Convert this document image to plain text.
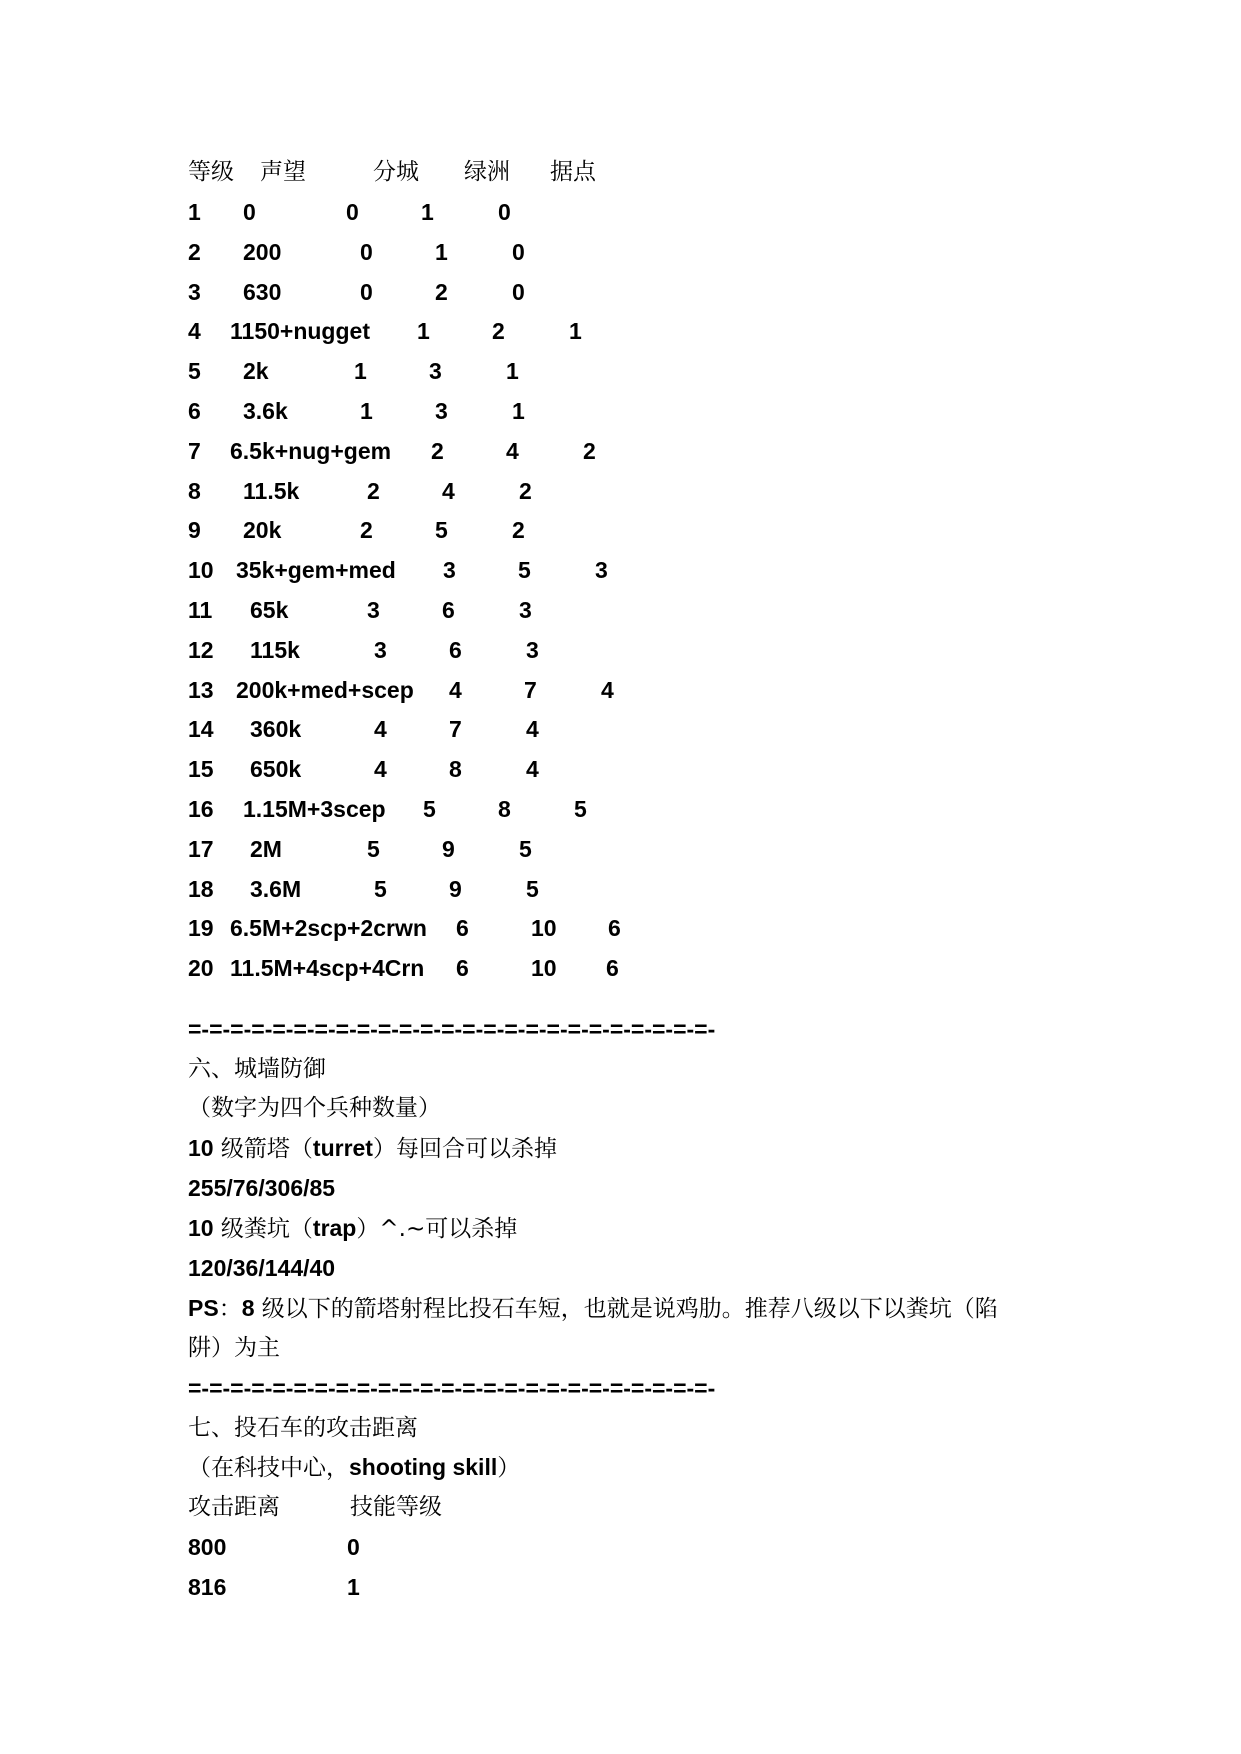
等级 声望	分城 绿洲 据点
1 0	0	1	0
2 200	0	1	0
3 630	0	2	0
4 1150+nugget 1	2	1
5 2k	1	3	1
6 3.6k	1	3	1
7 6.5k+nug+gem 2	4	2
8 11.5k	2	4	2
9 20k	2	5	2
10 35k+gem+med 3	5	3
11 65k	3	6	3
12 115k	3	6	3
13 200k+med+scep 4	7	4
14 360k	4	7	4
15 650k	4	8	4
16 1.15M+3scep 5	8	5
17 2M	5	9	5
18 3.6M	5	9	5
19 6.5M+2scp+2crwn 6	10 6
20 11.5M+4scp+4Crn 6	10 6
=-=-=-=-=-=-=-=-=-=-=-=-=-=-=-=-=-=-=-=-=-=-=-=-=-
六、城墙防御
（数字为四个兵种数量）
10 级箭塔（turret）每回合可以杀掉
255/76/306/85
10 级粪坑（trap）^.~可以杀掉
120/36/144/40
PS：8 级以下的箭塔射程比投石车短，也就是说鸡肋。推荐八级以下以粪坑（陷
阱）为主
=-=-=-=-=-=-=-=-=-=-=-=-=-=-=-=-=-=-=-=-=-=-=-=-=-
七、投石车的攻击距离
（在科技中心，shooting skill）
攻击距离	技能等级
800	0
816	1
